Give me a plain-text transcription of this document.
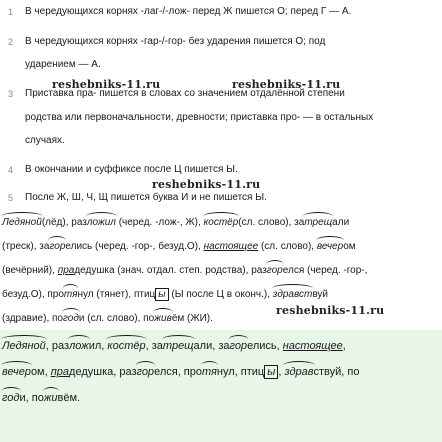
1 В чередующихся корнях -лаг-/-лож- перед Ж пишется О; перед Г — А.
2 В чередующихся корнях -гар-/-гор- без ударения пишется О; под
ударением — А.
3 Приставка пра- пишется в словах со значением отдалённой степени
родства или первоначальности, древности; приставка про- — в остальных
случаях.
4 В окончании и суффиксе после Ц пишется Ы.
5 После Ж, Ш, Ч, Щ пишется буква И и не пишется Ы.
reshebniks-11.ru	reshebniks-11.ru
reshebniks-11.ru
reshebniks-11.ru
Ледяной(лёд), разложил (черед. -лож-, Ж), костёр(сл. слово), затрещали
(треск), загорелись (черед. -гор-, безуд.О), настоящее (сл. слово), вечером
(вечёрний), прадедушка (знач. отдал. степ. родства), разгорелся (черед. -гор-,
безуд.О), протянул (тянет), птиц ы (Ы после Ц в оконч.), здравствуй
(здравие), погоди (сл. слово), поживём (ЖИ).
Ледяной, разложил, костёр, затрещали, загорелись, настоящее,
вечером, прадедушка, разгорелся, протянул, птиц ы , здравствуй, по
годи, поживём.
